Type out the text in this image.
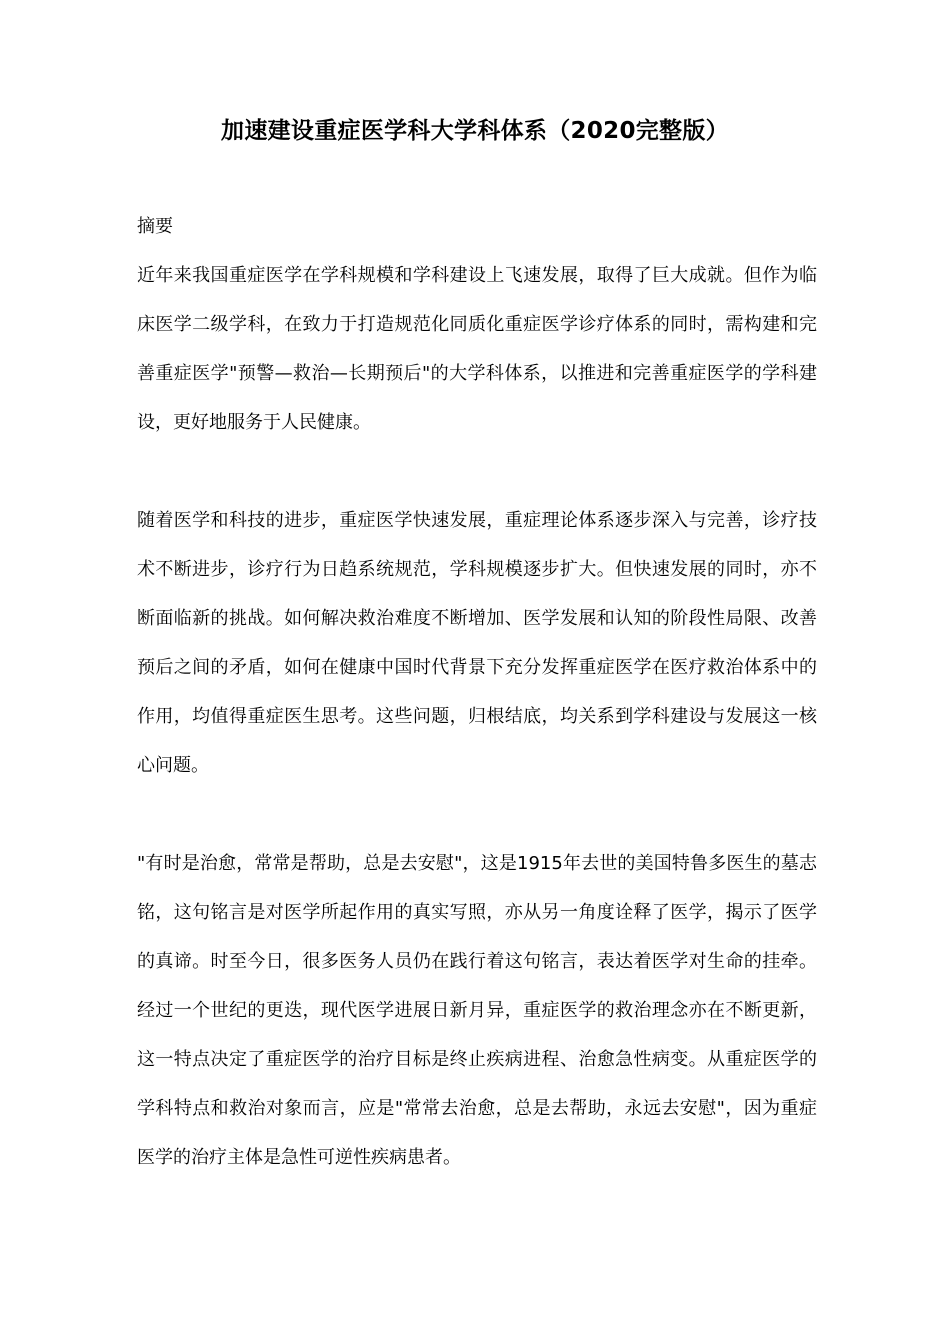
加速建设重症医学科大学科体系（2020完整版）

摘要

近年来我国重症医学在学科规模和学科建设上飞速发展，取得了巨大成就。但作为临床医学二级学科，在致力于打造规范化同质化重症医学诊疗体系的同时，需构建和完善重症医学"预警—救治—长期预后"的大学科体系，以推进和完善重症医学的学科建设，更好地服务于人民健康。

随着医学和科技的进步，重症医学快速发展，重症理论体系逐步深入与完善，诊疗技术不断进步，诊疗行为日趋系统规范，学科规模逐步扩大。但快速发展的同时，亦不断面临新的挑战。如何解决救治难度不断增加、医学发展和认知的阶段性局限、改善预后之间的矛盾，如何在健康中国时代背景下充分发挥重症医学在医疗救治体系中的作用，均值得重症医生思考。这些问题，归根结底，均关系到学科建设与发展这一核心问题。

"有时是治愈，常常是帮助，总是去安慰"，这是1915年去世的美国特鲁多医生的墓志铭，这句铭言是对医学所起作用的真实写照，亦从另一角度诠释了医学，揭示了医学的真谛。时至今日，很多医务人员仍在践行着这句铭言，表达着医学对生命的挂牵。经过一个世纪的更迭，现代医学进展日新月异，重症医学的救治理念亦在不断更新，这一特点决定了重症医学的治疗目标是终止疾病进程、治愈急性病变。从重症医学的学科特点和救治对象而言，应是"常常去治愈，总是去帮助，永远去安慰"，因为重症医学的治疗主体是急性可逆性疾病患者。
